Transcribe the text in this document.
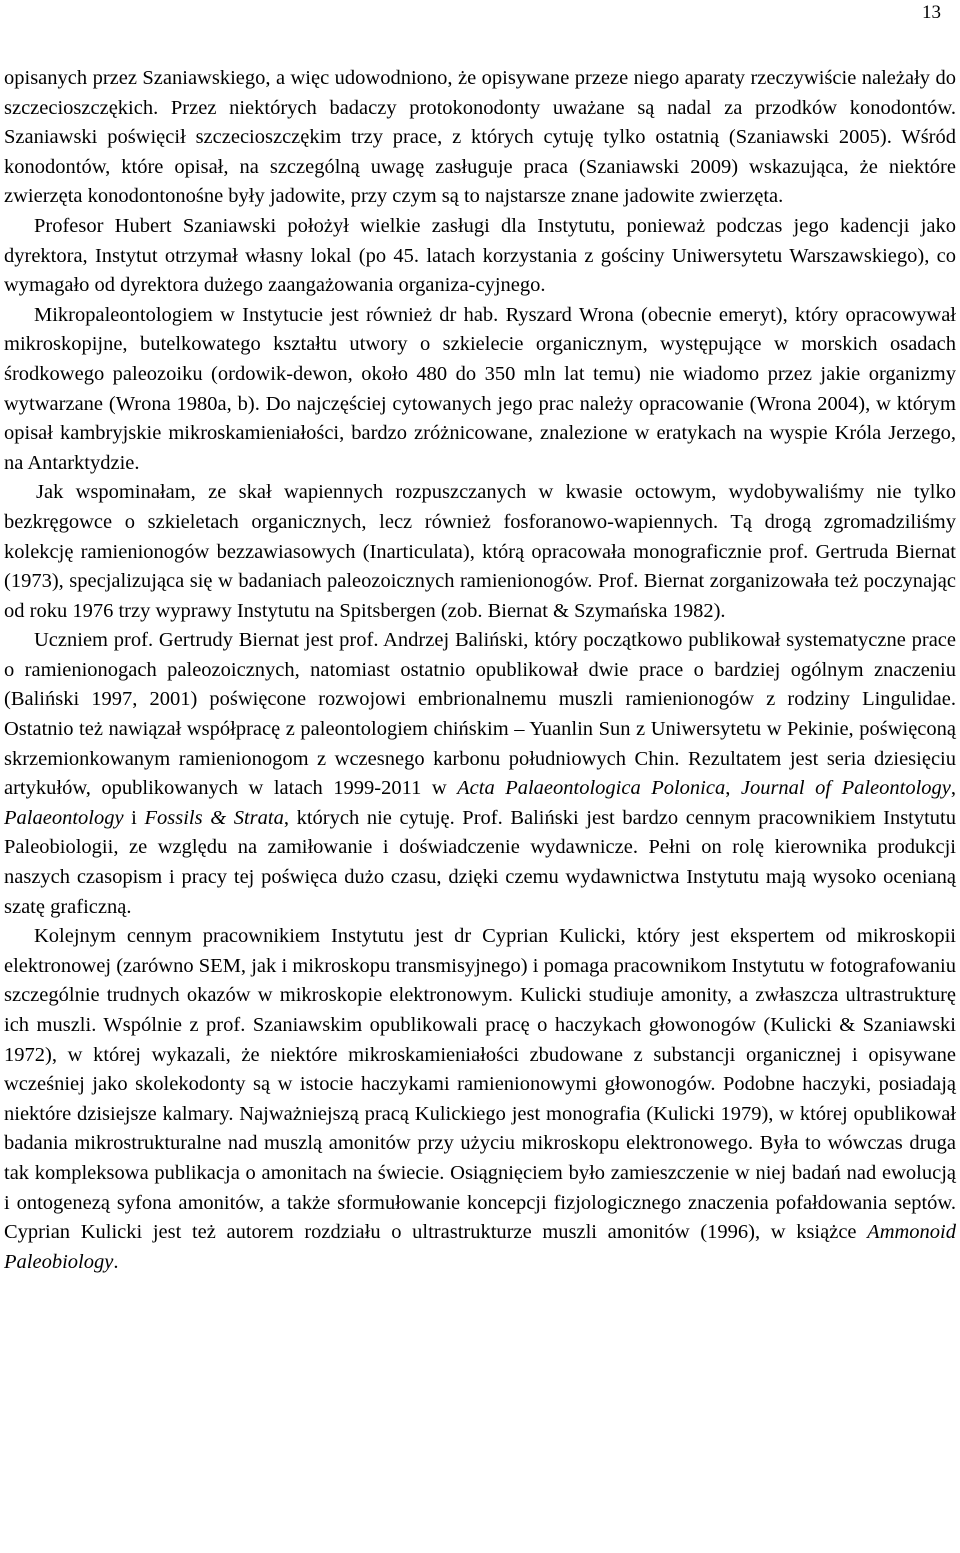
13

opisanych przez Szaniawskiego, a więc udowodniono, że opisywane przeze niego aparaty rzeczywiście należały do szczecioszczękich. Przez niektórych badaczy protokonodonty uważane są nadal za przodków konodontów. Szaniawski poświęcił szczecioszczękim trzy prace, z których cytuję tylko ostatnią (Szaniawski 2005). Wśród konodontów, które opisał, na szczególną uwagę zasługuje praca (Szaniawski 2009) wskazująca, że niektóre zwierzęta konodontonośne były jadowite, przy czym są to najstarsze znane jadowite zwierzęta.

Profesor Hubert Szaniawski położył wielkie zasługi dla Instytutu, ponieważ podczas jego kadencji jako dyrektora, Instytut otrzymał własny lokal (po 45. latach korzystania z gościny Uniwersytetu Warszawskiego), co wymagało od dyrektora dużego zaangażowania organiza-cyjnego.

Mikropaleontologiem w Instytucie jest również dr hab. Ryszard Wrona (obecnie emeryt), który opracowywał mikroskopijne, butelkowatego kształtu utwory o szkielecie organicznym, występujące w morskich osadach środkowego paleozoiku (ordowik-dewon, około 480 do 350 mln lat temu) nie wiadomo przez jakie organizmy wytwarzane (Wrona 1980a, b). Do najczęściej cytowanych jego prac należy opracowanie (Wrona 2004), w którym opisał kambryjskie mikroskamieniałości, bardzo zróżnicowane, znalezione w eratykach na wyspie Króla Jerzego, na Antarktydzie.

Jak wspominałam, ze skał wapiennych rozpuszczanych w kwasie octowym, wydobywaliśmy nie tylko bezkręgowce o szkieletach organicznych, lecz również fosforanowo-wapiennych. Tą drogą zgromadziliśmy kolekcję ramienionogów bezzawiasowych (Inarticulata), którą opracowała monograficznie prof. Gertruda Biernat (1973), specjalizująca się w badaniach paleozoicznych ramienionogów. Prof. Biernat zorganizowała też poczynając od roku 1976 trzy wyprawy Instytutu na Spitsbergen (zob. Biernat & Szymańska 1982).

Uczniem prof. Gertrudy Biernat jest prof. Andrzej Baliński, który początkowo publikował systematyczne prace o ramienionogach paleozoicznych, natomiast ostatnio opublikował dwie prace o bardziej ogólnym znaczeniu (Baliński 1997, 2001) poświęcone rozwojowi embrionalnemu muszli ramienionogów z rodziny Lingulidae. Ostatnio też nawiązał współpracę z paleontologiem chińskim – Yuanlin Sun z Uniwersytetu w Pekinie, poświęconą skrzemionkowanym ramienionogom z wczesnego karbonu południowych Chin. Rezultatem jest seria dziesięciu artykułów, opublikowanych w latach 1999-2011 w Acta Palaeontologica Polonica, Journal of Paleontology, Palaeontology i Fossils & Strata, których nie cytuję. Prof. Baliński jest bardzo cennym pracownikiem Instytutu Paleobiologii, ze względu na zamiłowanie i doświadczenie wydawnicze. Pełni on rolę kierownika produkcji naszych czasopism i pracy tej poświęca dużo czasu, dzięki czemu wydawnictwa Instytutu mają wysoko ocenianą szatę graficzną.

Kolejnym cennym pracownikiem Instytutu jest dr Cyprian Kulicki, który jest ekspertem od mikroskopii elektronowej (zarówno SEM, jak i mikroskopu transmisyjnego) i pomaga pracownikom Instytutu w fotografowaniu szczególnie trudnych okazów w mikroskopie elektronowym. Kulicki studiuje amonity, a zwłaszcza ultrastrukturę ich muszli. Wspólnie z prof. Szaniawskim opublikowali pracę o haczykach głowonogów (Kulicki & Szaniawski 1972), w której wykazali, że niektóre mikroskamieniałości zbudowane z substancji organicznej i opisywane wcześniej jako skolekodonty są w istocie haczykami ramienionowymi głowonogów. Podobne haczyki, posiadają niektóre dzisiejsze kalmary. Najważniejszą pracą Kulickiego jest monografia (Kulicki 1979), w której opublikował badania mikrostrukturalne nad muszlą amonitów przy użyciu mikroskopu elektronowego. Była to wówczas druga tak kompleksowa publikacja o amonitach na świecie. Osiągnięciem było zamieszczenie w niej badań nad ewolucją i ontogenezą syfona amonitów, a także sformułowanie koncepcji fizjologicznego znaczenia pofałdowania septów. Cyprian Kulicki jest też autorem rozdziału o ultrastrukturze muszli amonitów (1996), w książce Ammonoid Paleobiology.
